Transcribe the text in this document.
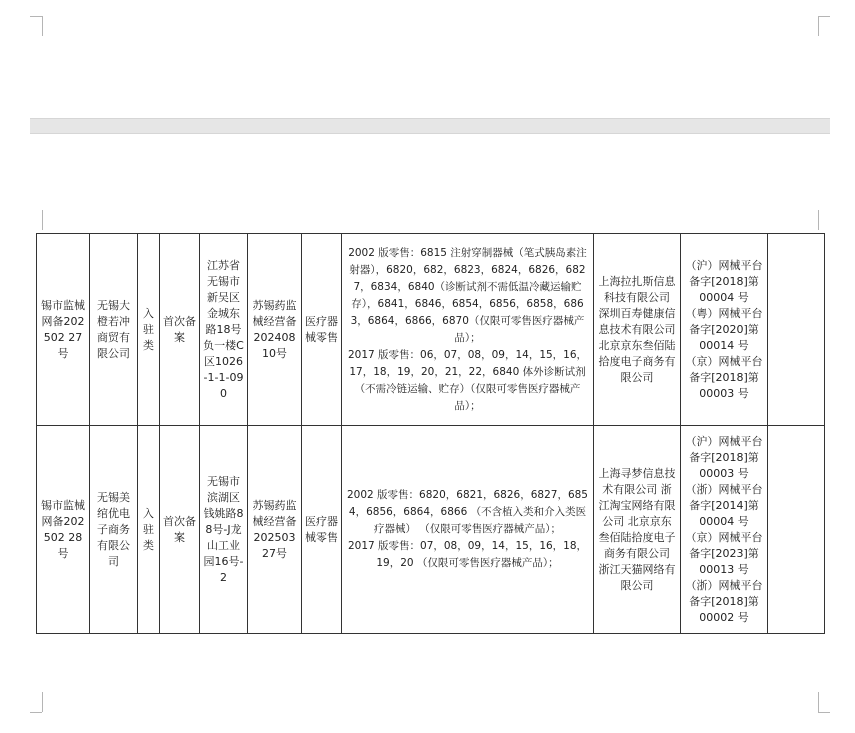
锡市监械网备202502 27号	无锡大橙若冲商贸有限公司	入驻类	首次备案	江苏省无锡市新吴区金城东路18号负一楼C区1026-1-1-090	苏锡药监械经营备20240810号	医疗器械零售	2002 版零售：6815 注射穿制器械（笔式胰岛素注射器），6820，682，6823，6824，6826，6827，6834，6840（诊断试剂不需低温冷藏运输贮存），6841，6846，6854，6856，6858，6863，6864，6866，6870（仅限可零售医疗器械产品）；
2017 版零售：06，07，08，09，14，15，16，17，18，19，20，21，22，6840 体外诊断试剂（不需冷链运输、贮存）（仅限可零售医疗器械产品）；	上海拉扎斯信息科技有限公司 深圳百寿健康信息技术有限公司 北京京东叁佰陆拾度电子商务有限公司	（沪）网械平台备字[2018]第 00004 号 （粤）网械平台备字[2020]第 00014 号 （京）网械平台备字[2018]第 00003 号	
锡市监械网备202502 28号	无锡美绾优电子商务有限公司	入驻类	首次备案	无锡市滨湖区钱姚路88号-J龙山工业园16号-2	苏锡药监械经营备20250327号	医疗器械零售	2002 版零售：6820，6821，6826，6827，6854，6856，6864，6866 （不含植入类和介入类医疗器械） （仅限可零售医疗器械产品）；
2017 版零售：07，08，09，14，15，16，18，19，20 （仅限可零售医疗器械产品）；	上海寻梦信息技术有限公司 浙江淘宝网络有限公司 北京京东叁佰陆拾度电子商务有限公司 浙江天猫网络有限公司	（沪）网械平台备字[2018]第 00003 号 （浙）网械平台备字[2014]第 00004 号 （京）网械平台备字[2023]第 00013 号 （浙）网械平台备字[2018]第 00002 号	
